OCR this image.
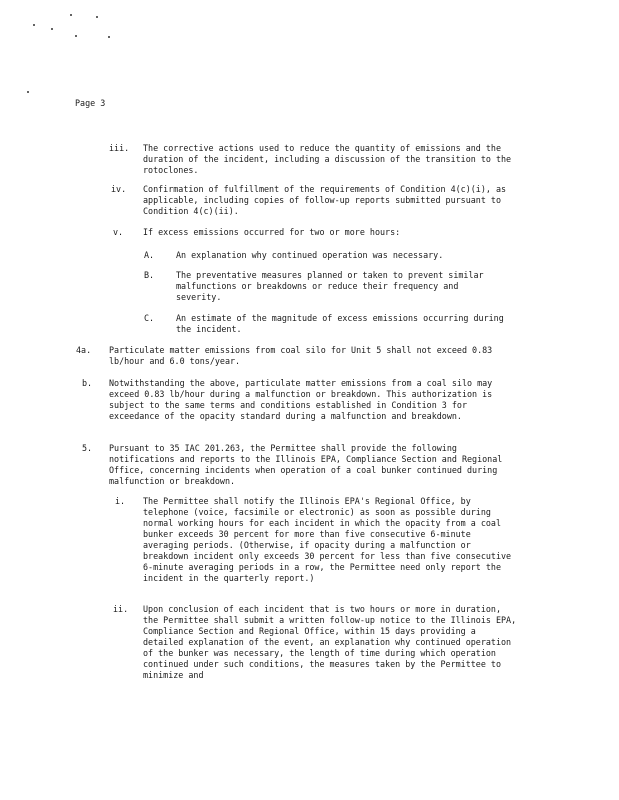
Page 3
iii. The corrective actions used to reduce the quantity of emissions and the duration of the incident, including a discussion of the transition to the rotoclones.
iv. Confirmation of fulfillment of the requirements of Condition 4(c)(i), as applicable, including copies of follow-up reports submitted pursuant to Condition 4(c)(ii).
v. If excess emissions occurred for two or more hours:
A.	An explanation why continued operation was necessary.
B.	The preventative measures planned or taken to prevent similar malfunctions or breakdowns or reduce their frequency and severity.
C.	An estimate of the magnitude of excess emissions occurring during the incident.
4a. Particulate matter emissions from coal silo for Unit 5 shall not exceed 0.83 lb/hour and 6.0 tons/year.
b. Notwithstanding the above, particulate matter emissions from a coal silo may exceed 0.83 lb/hour during a malfunction or breakdown. This authorization is subject to the same terms and conditions established in Condition 3 for exceedance of the opacity standard during a malfunction and breakdown.
5. Pursuant to 35 IAC 201.263, the Permittee shall provide the following notifications and reports to the Illinois EPA, Compliance Section and Regional Office, concerning incidents when operation of a coal bunker continued during malfunction or breakdown.
i. The Permittee shall notify the Illinois EPA's Regional Office, by telephone (voice, facsimile or electronic) as soon as possible during normal working hours for each incident in which the opacity from a coal bunker exceeds 30 percent for more than five consecutive 6-minute averaging periods. (Otherwise, if opacity during a malfunction or breakdown incident only exceeds 30 percent for less than five consecutive 6-minute averaging periods in a row, the Permittee need only report the incident in the quarterly report.)
ii. Upon conclusion of each incident that is two hours or more in duration, the Permittee shall submit a written follow-up notice to the Illinois EPA, Compliance Section and Regional Office, within 15 days providing a detailed explanation of the event, an explanation why continued operation of the bunker was necessary, the length of time during which operation continued under such conditions, the measures taken by the Permittee to minimize and
